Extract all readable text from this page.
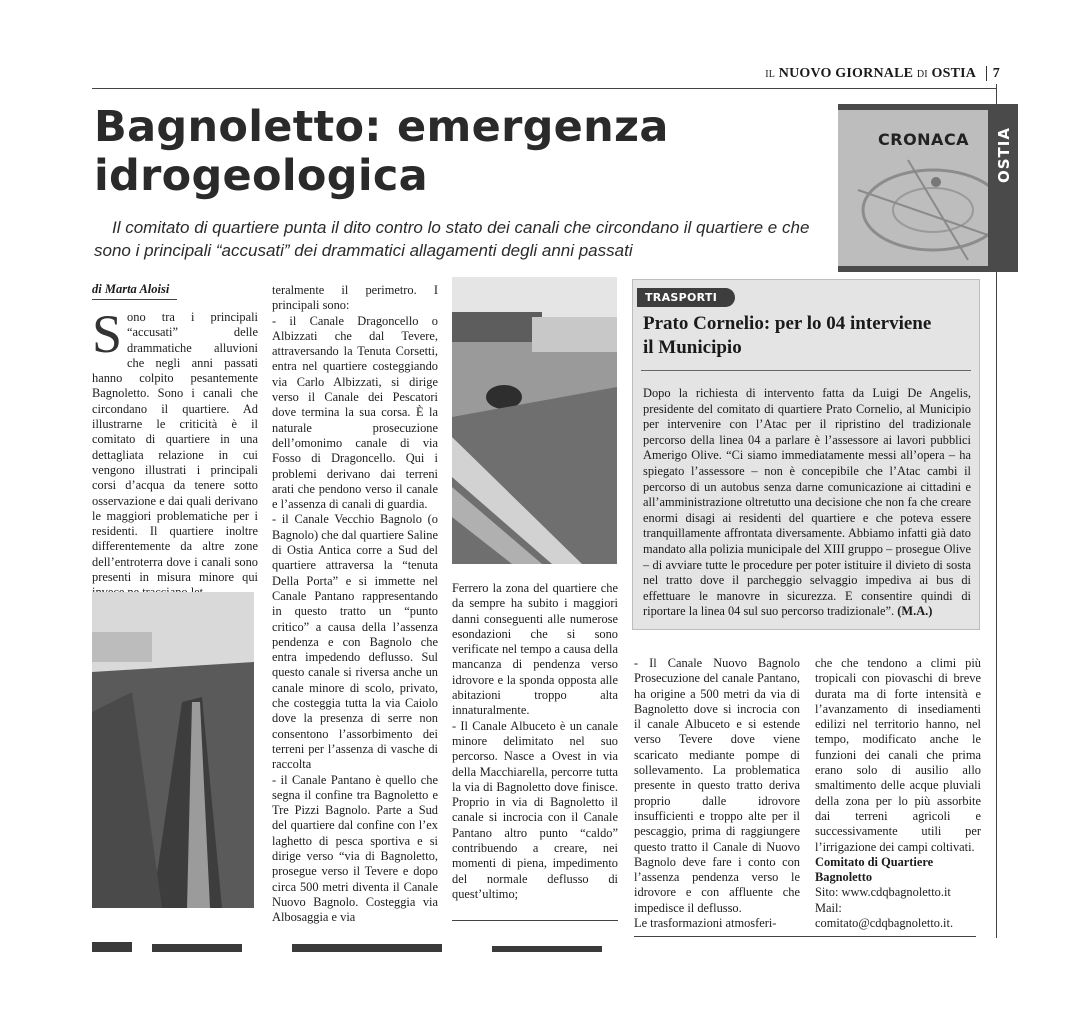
IL NUOVO GIORNALE DI OSTIA 7
Bagnoletto: emergenza
idrogeologica
CRONACA OSTIA
Il comitato di quartiere punta il dito contro lo stato dei canali che circondano il quartiere e che
sono i principali “accusati” dei drammatici allagamenti degli anni passati
di Marta Aloisi
Sono tra i principali “accusati” delle drammatiche alluvioni che negli anni passati hanno colpito pesantemente Bagnoletto. Sono i canali che circondano il quartiere. Ad illustrarne le criticità è il comitato di quartiere in una dettagliata relazione in cui vengono illustrati i principali corsi d’acqua da tenere sotto osservazione e dai quali derivano le maggiori problematiche per i residenti. Il quartiere inoltre differentemente da altre zone dell’entroterra dove i canali sono presenti in misura minore qui
teralmente il perimetro. I principali sono:
- il Canale Dragoncello o Albizzati che dal Tevere, attraversando la Tenuta Corsetti, entra nel quartiere costeggiando via Carlo Albizzati, si dirige verso il Canale dei Pescatori dove termina la sua corsa. È la naturale prosecuzione dell’omonimo canale di via Fosso di Dragoncello. Qui i problemi derivano dai terreni arati che pendono verso il canale e l’assenza di canali di guardia.
- il Canale Vecchio Bagnolo (o Bagnolo) che dal quartiere Saline di Ostia Antica corre a Sud del quartiere attraversa la “tenuta Della Porta” e si immette nel Canale Pantano rappresentando in questo tratto un “punto critico” a causa della l’assenza pendenza e con Bagnolo che entra impedendo deflusso. Sul questo canale si riversa anche un canale minore di scolo, privato, che costeggia tutta la via Caiolo dove la presenza di serre non consentono l’assorbimento dei terreni per l’assenza di vasche di raccolta
- il Canale Pantano è quello che segna il confine tra Bagnoletto e Tre Pizzi Bagnolo. Parte a Sud del quartiere dal confine con l’ex laghetto di pesca sportiva e si dirige verso “via di Bagnoletto, prosegue verso il Tevere e dopo circa 500 metri diventa il Canale Nuovo Bagnolo. Costeggia via Albosaggia e via
Ferrero la zona del quartiere che da sempre ha subito i maggiori danni conseguenti alle numerose esondazioni che si sono verificate nel tempo a causa della mancanza di pendenza verso idrovore e la sponda opposta alle abitazioni troppo alta innaturalmente.
- Il Canale Albuceto è un canale minore delimitato nel suo percorso. Nasce a Ovest in via della Macchiarella, percorre tutta la via di Bagnoletto dove finisce. Proprio in via di Bagnoletto il canale si incrocia con il Canale Pantano altro punto “caldo” contribuendo a creare, nei momenti di piena, impedimento del normale deflusso di quest’ultimo;
TRASPORTI
Prato Cornelio: per lo 04 interviene il Municipio
Dopo la richiesta di intervento fatta da Luigi De Angelis, presidente del comitato di quartiere Prato Cornelio, al Municipio per intervenire con l’Atac per il ripristino del tradizionale percorso della linea 04 a parlare è l’assessore ai lavori pubblici Amerigo Olive. “Ci siamo immediatamente messi all’opera – ha spiegato l’assessore – non è concepibile che l’Atac cambi il percorso di un autobus senza darne comunicazione ai cittadini e all’amministrazione oltretutto una decisione che non fa che creare enormi disagi ai residenti del quartiere e che poteva essere tranquillamente affrontata diversamente. Abbiamo infatti già dato mandato alla polizia municipale del XIII gruppo – prosegue Olive – di avviare tutte le procedure per poter istituire il divieto di sosta nel tratto dove il parcheggio selvaggio impediva ai bus di effettuare le manovre in sicurezza. E consentire quindi di riportare la linea 04 sul suo percorso tradizionale”. (M.A.)
- Il Canale Nuovo Bagnolo Prosecuzione del canale Pantano, ha origine a 500 metri da via di Bagnoletto dove si incrocia con il canale Albuceto e si estende verso Tevere dove viene scaricato mediante pompe di sollevamento. La problematica presente in questo tratto deriva proprio dalle idrovore insufficienti e troppo alte per il pescaggio, prima di raggiungere questo tratto il Canale di Nuovo Bagnolo deve fare i conto con l’assenza pendenza verso le idrovore e con affluente che impedisce il deflusso.
Le trasformazioni atmosferi-

che che tendono a climi più tropicali con piovaschi di breve durata ma di forte intensità e l’avanzamento di insediamenti edilizi nel territorio hanno, nel tempo, modificato anche le funzioni dei canali che prima erano solo di ausilio allo smaltimento delle acque pluviali della zona per lo più assorbite dai terreni agricoli e successivamente utili per l’irrigazione dei campi coltivati.

Comitato di Quartiere Bagnoletto

Sito: www.cdqbagnoletto.it

Mail: comitato@cdqbagnoletto.it.
